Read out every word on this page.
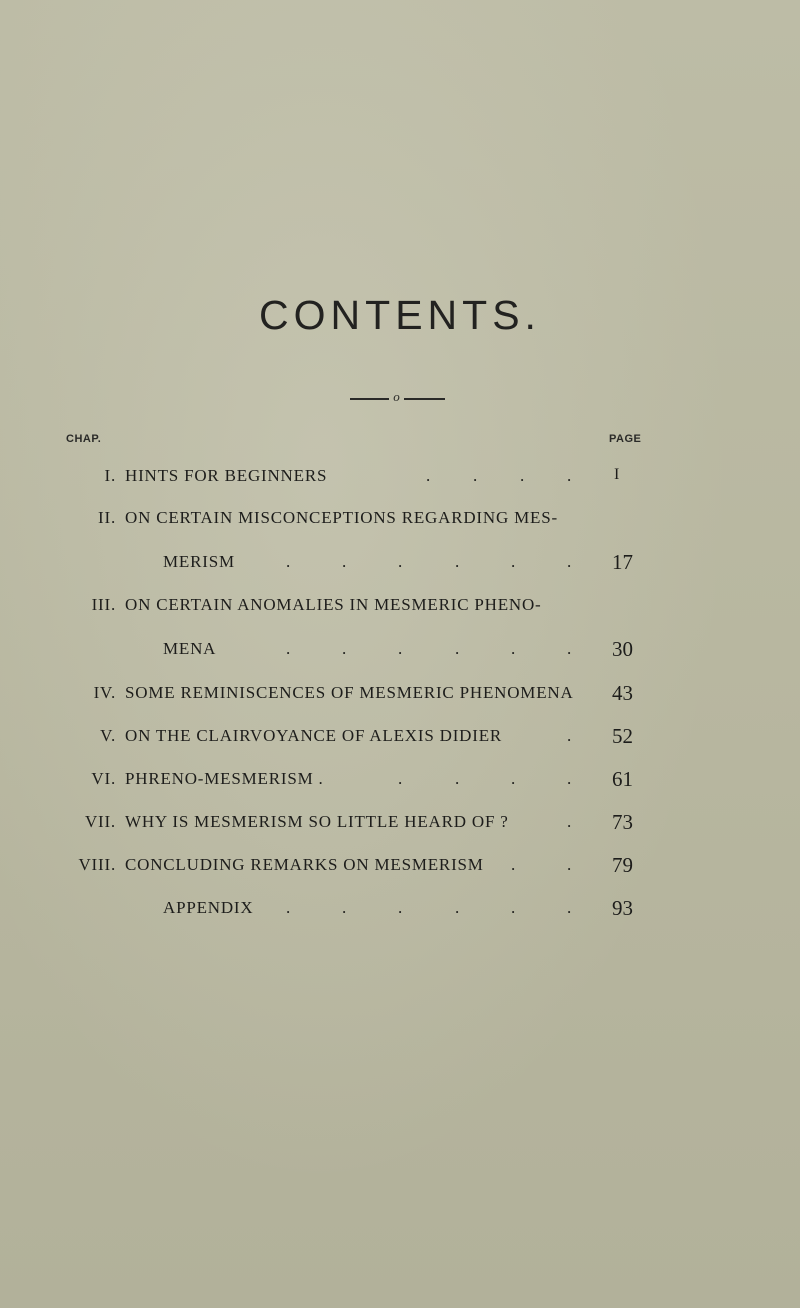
CONTENTS.
o
CHAP.	PAGE
I. HINTS FOR BEGINNERS	. . . .	I
II. ON CERTAIN MISCONCEPTIONS REGARDING MES-
MERISM	.	.	.	.	.	. 17
III. ON CERTAIN ANOMALIES IN MESMERIC PHENO-
MENA	.	.	.	.	.	. 30
IV. SOME REMINISCENCES OF MESMERIC PHENOMENA 43
V. ON THE CLAIRVOYANCE OF ALEXIS DIDIER	. 52
VI. PHRENO-MESMERISM .	.	.	.	. 61
VII. WHY IS MESMERISM SO LITTLE HEARD OF ?	. 73
VIII. CONCLUDING REMARKS ON MESMERISM .	. 79
APPENDIX .	.	.	.	.	. 93
